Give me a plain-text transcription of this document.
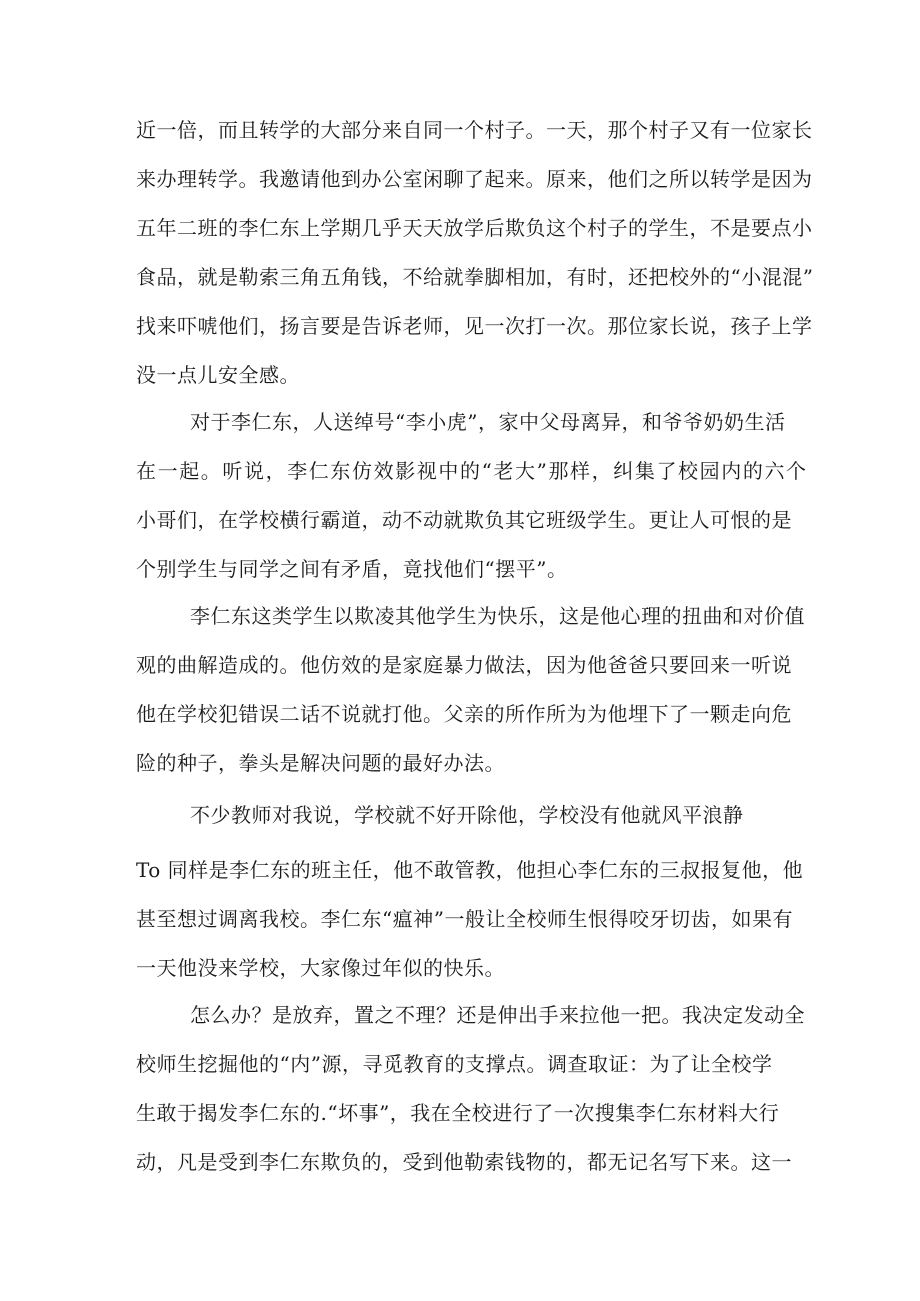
近一倍，而且转学的大部分来自同一个村子。一天，那个村子又有一位家长
来办理转学。我邀请他到办公室闲聊了起来。原来，他们之所以转学是因为
五年二班的李仁东上学期几乎天天放学后欺负这个村子的学生，不是要点小
食品，就是勒索三角五角钱，不给就拳脚相加，有时，还把校外的“小混混”
找来吓唬他们，扬言要是告诉老师，见一次打一次。那位家长说，孩子上学
没一点儿安全感。
对于李仁东，人送绰号“李小虎”，家中父母离异，和爷爷奶奶生活
在一起。听说，李仁东仿效影视中的“老大”那样，纠集了校园内的六个
小哥们，在学校横行霸道，动不动就欺负其它班级学生。更让人可恨的是
个别学生与同学之间有矛盾，竟找他们“摆平”。
李仁东这类学生以欺凌其他学生为快乐，这是他心理的扭曲和对价值
观的曲解造成的。他仿效的是家庭暴力做法，因为他爸爸只要回来一听说
他在学校犯错误二话不说就打他。父亲的所作所为为他埋下了一颗走向危
险的种子，拳头是解决问题的最好办法。
不少教师对我说，学校就不好开除他，学校没有他就风平浪静
To 同样是李仁东的班主任，他不敢管教，他担心李仁东的三叔报复他，他
甚至想过调离我校。李仁东“瘟神”一般让全校师生恨得咬牙切齿，如果有
一天他没来学校，大家像过年似的快乐。
怎么办？是放弃，置之不理？还是伸出手来拉他一把。我决定发动全
校师生挖掘他的“内”源，寻觅教育的支撑点。调查取证：为了让全校学
生敢于揭发李仁东的.“坏事”，我在全校进行了一次搜集李仁东材料大行
动，凡是受到李仁东欺负的，受到他勒索钱物的，都无记名写下来。这一
